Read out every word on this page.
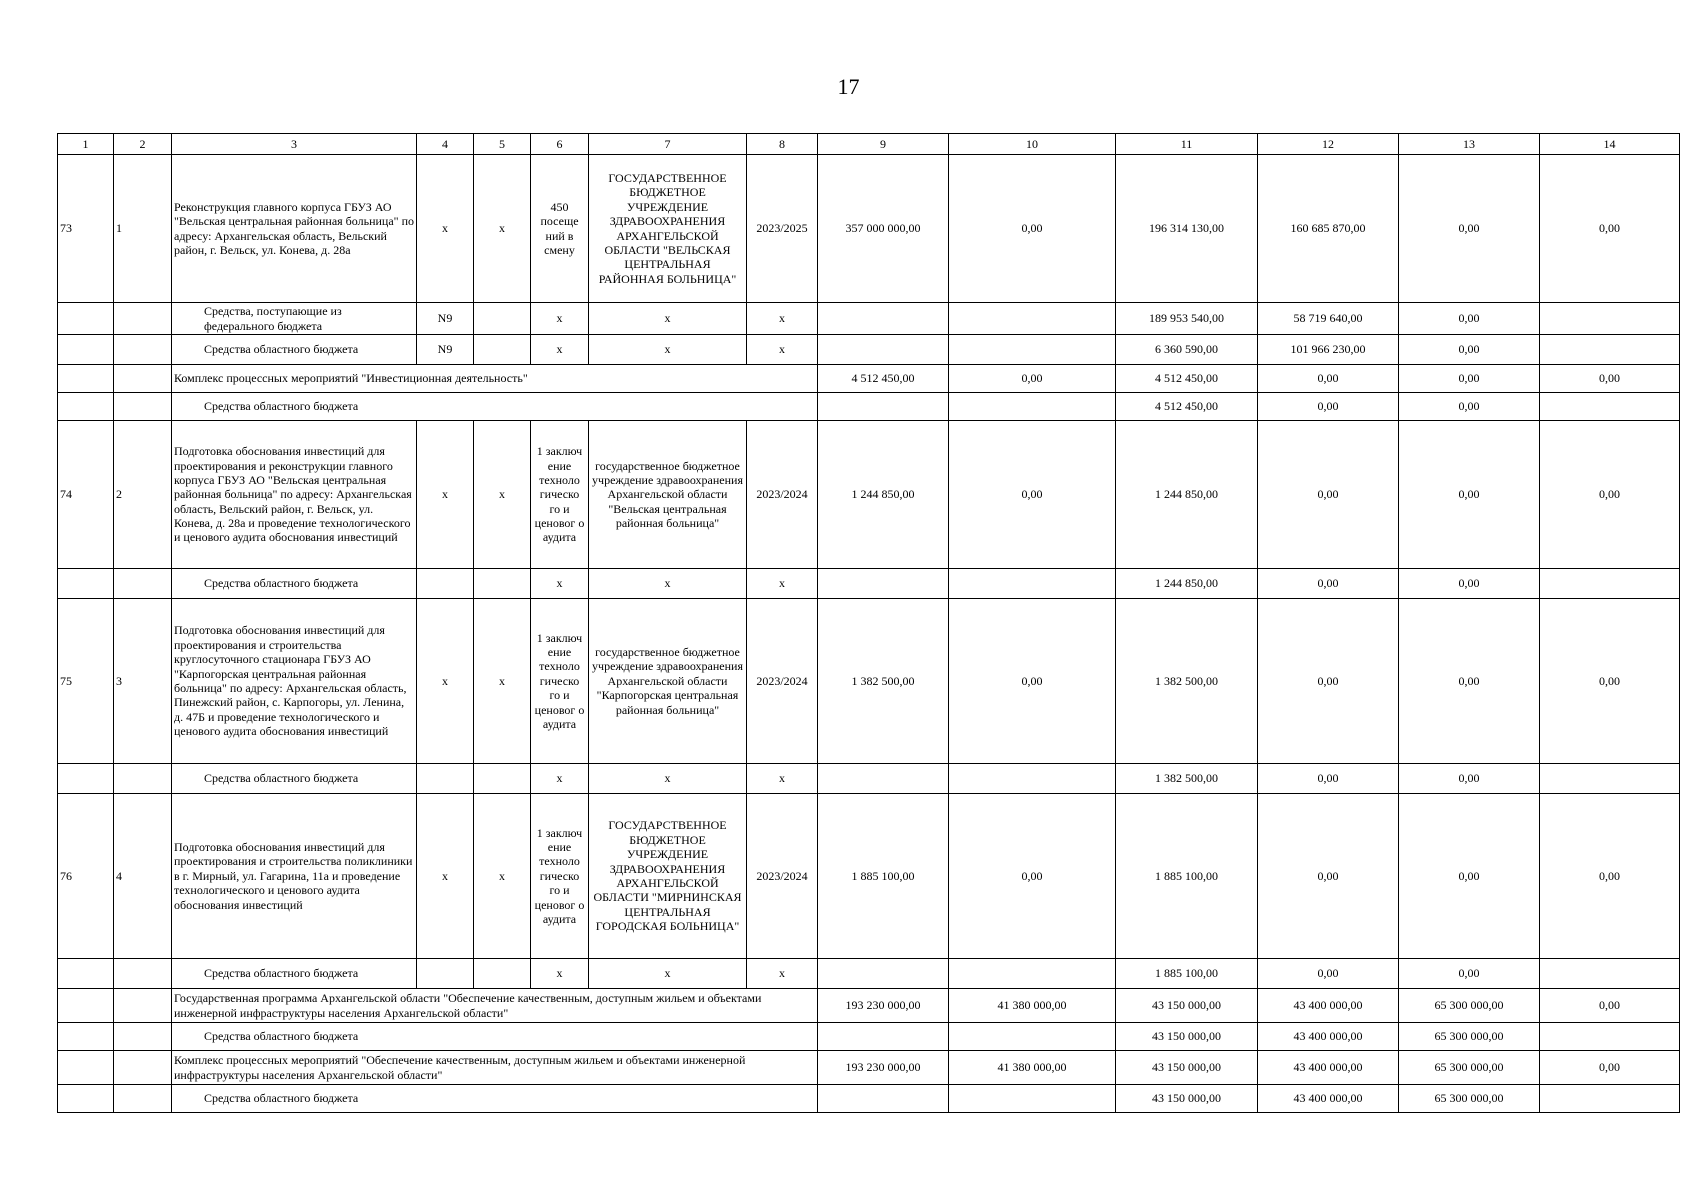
17
1	2	3	4	5	6	7	8	9	10	11	12	13	14
73	1	Реконструкция главного корпуса ГБУЗ АО "Вельская центральная районная больница" по адресу: Архангельская область, Вельский район, г. Вельск, ул. Конева, д. 28а	х	х	450 посеще ний в смену	ГОСУДАРСТВЕННОЕ БЮДЖЕТНОЕ УЧРЕЖДЕНИЕ ЗДРАВООХРАНЕНИЯ АРХАНГЕЛЬСКОЙ ОБЛАСТИ "ВЕЛЬСКАЯ ЦЕНТРАЛЬНАЯ РАЙОННАЯ БОЛЬНИЦА"	2023/2025	357 000 000,00	0,00	196 314 130,00	160 685 870,00	0,00	0,00
		Средства, поступающие из федерального бюджета	N9		х	х	х			189 953 540,00	58 719 640,00	0,00	
		Средства областного бюджета	N9		х	х	х			6 360 590,00	101 966 230,00	0,00	
		Комплекс процессных мероприятий "Инвестиционная деятельность"						4 512 450,00	0,00	4 512 450,00	0,00	0,00	0,00
		Средства областного бюджета								4 512 450,00	0,00	0,00	
74	2	Подготовка обоснования инвестиций для проектирования и реконструкции главного корпуса ГБУЗ АО "Вельская центральная районная больница" по адресу: Архангельская область, Вельский район, г. Вельск, ул. Конева, д. 28а и проведение технологического и ценового аудита обоснования инвестиций	х	х	1 заключ ение техноло гическо го и ценовог о аудита	государственное бюджетное учреждение здравоохранения Архангельской области "Вельская центральная районная больница"	2023/2024	1 244 850,00	0,00	1 244 850,00	0,00	0,00	0,00
		Средства областного бюджета			х	х	х			1 244 850,00	0,00	0,00	
75	3	Подготовка обоснования инвестиций для проектирования и строительства круглосуточного стационара ГБУЗ АО "Карпогорская центральная районная больница" по адресу: Архангельская область, Пинежский район, с. Карпогоры, ул. Ленина, д. 47Б и проведение технологического и ценового аудита обоснования инвестиций	х	х	1 заключ ение техноло гическо го и ценовог о аудита	государственное бюджетное учреждение здравоохранения Архангельской области "Карпогорская центральная районная больница"	2023/2024	1 382 500,00	0,00	1 382 500,00	0,00	0,00	0,00
		Средства областного бюджета			х	х	х			1 382 500,00	0,00	0,00	
76	4	Подготовка обоснования инвестиций для проектирования и строительства поликлиники в г. Мирный, ул. Гагарина, 11а и проведение технологического и ценового аудита обоснования инвестиций	х	х	1 заключ ение техноло гическо го и ценовог о аудита	ГОСУДАРСТВЕННОЕ БЮДЖЕТНОЕ УЧРЕЖДЕНИЕ ЗДРАВООХРАНЕНИЯ АРХАНГЕЛЬСКОЙ ОБЛАСТИ "МИРНИНСКАЯ ЦЕНТРАЛЬНАЯ ГОРОДСКАЯ БОЛЬНИЦА"	2023/2024	1 885 100,00	0,00	1 885 100,00	0,00	0,00	0,00
		Средства областного бюджета			х	х	х			1 885 100,00	0,00	0,00	
		Государственная программа Архангельской области "Обеспечение качественным, доступным жильем и объектами инженерной инфраструктуры населения Архангельской области"						193 230 000,00	41 380 000,00	43 150 000,00	43 400 000,00	65 300 000,00	0,00
		Средства областного бюджета								43 150 000,00	43 400 000,00	65 300 000,00	
		Комплекс процессных мероприятий "Обеспечение качественным, доступным жильем и объектами инженерной инфраструктуры населения Архангельской области"						193 230 000,00	41 380 000,00	43 150 000,00	43 400 000,00	65 300 000,00	0,00
		Средства областного бюджета								43 150 000,00	43 400 000,00	65 300 000,00	
